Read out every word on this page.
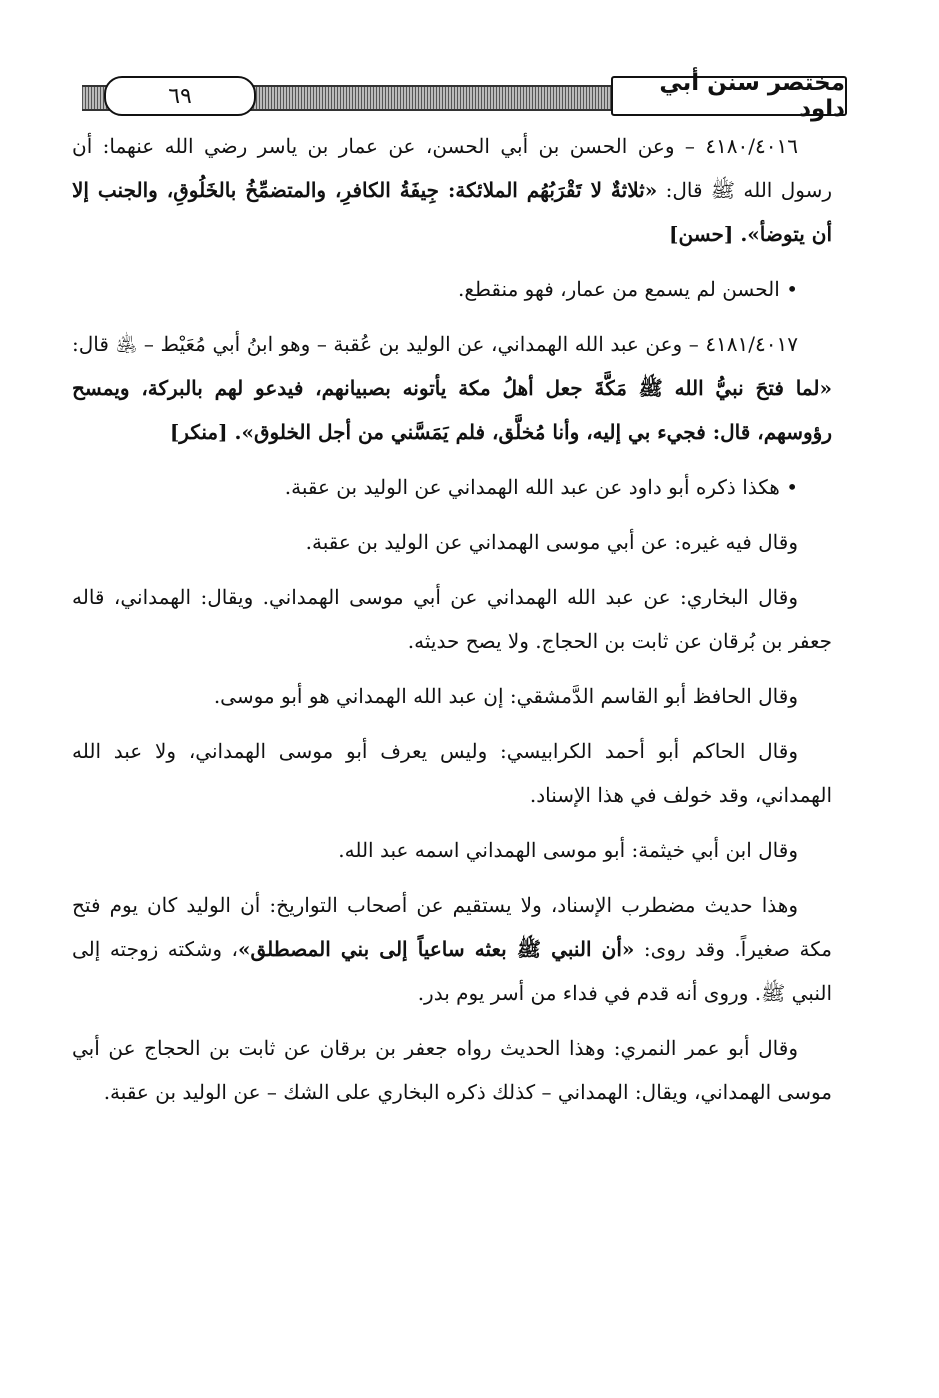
مختصر سنن أبي داود
٦٩

٤١٨٠/٤٠١٦ – وعن الحسن بن أبي الحسن، عن عمار بن ياسر رضي الله عنهما: أن رسول الله ﷺ قال: «ثلاثةٌ لا تَقْرَبُهُم الملائكة: جِيفَةُ الكافرِ، والمتضمِّخُ بالخَلُوقِ، والجنب إلا أن يتوضأ». [حسن]

• الحسن لم يسمع من عمار، فهو منقطع.

٤١٨١/٤٠١٧ – وعن عبد الله الهمداني، عن الوليد بن عُقبة – وهو ابنُ أبي مُعَيْط – ﵁ قال: «لما فتحَ نبيُّ الله ﷺ مَكَّةَ جعل أهلُ مكة يأتونه بصبيانهم، فيدعو لهم بالبركة، ويمسح رؤوسهم، قال: فجيء بي إليه، وأنا مُخلَّق، فلم يَمَسَّني من أجل الخلوق». [منكر]

• هكذا ذكره أبو داود عن عبد الله الهمداني عن الوليد بن عقبة.

وقال فيه غيره: عن أبي موسى الهمداني عن الوليد بن عقبة.

وقال البخاري: عن عبد الله الهمداني عن أبي موسى الهمداني. ويقال: الهمداني، قاله جعفر بن بُرقان عن ثابت بن الحجاج. ولا يصح حديثه.

وقال الحافظ أبو القاسم الدَّمشقي: إن عبد الله الهمداني هو أبو موسى.

وقال الحاكم أبو أحمد الكرابيسي: وليس يعرف أبو موسى الهمداني، ولا عبد الله الهمداني، وقد خولف في هذا الإسناد.

وقال ابن أبي خيثمة: أبو موسى الهمداني اسمه عبد الله.

وهذا حديث مضطرب الإسناد، ولا يستقيم عن أصحاب التواريخ: أن الوليد كان يوم فتح مكة صغيراً. وقد روى: «أن النبي ﷺ بعثه ساعياً إلى بني المصطلق»، وشكته زوجته إلى النبي ﷺ. وروى أنه قدم في فداء من أسر يوم بدر.

وقال أبو عمر النمري: وهذا الحديث رواه جعفر بن برقان عن ثابت بن الحجاج عن أبي موسى الهمداني، ويقال: الهمداني – كذلك ذكره البخاري على الشك – عن الوليد بن عقبة.
